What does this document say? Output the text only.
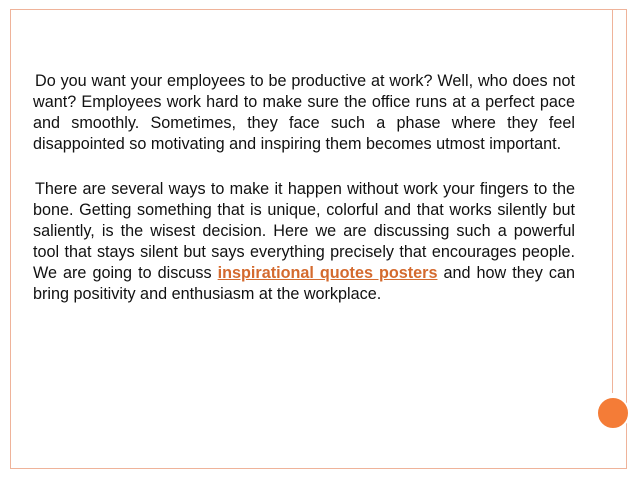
Do you want your employees to be productive at work? Well, who does not want? Employees work hard to make sure the office runs at a perfect pace and smoothly. Sometimes, they face such a phase where they feel disappointed so motivating and inspiring them becomes utmost important.

There are several ways to make it happen without work your fingers to the bone. Getting something that is unique, colorful and that works silently but saliently, is the wisest decision. Here we are discussing such a powerful tool that stays silent but says everything precisely that encourages people. We are going to discuss inspirational quotes posters and how they can bring positivity and enthusiasm at the workplace.
